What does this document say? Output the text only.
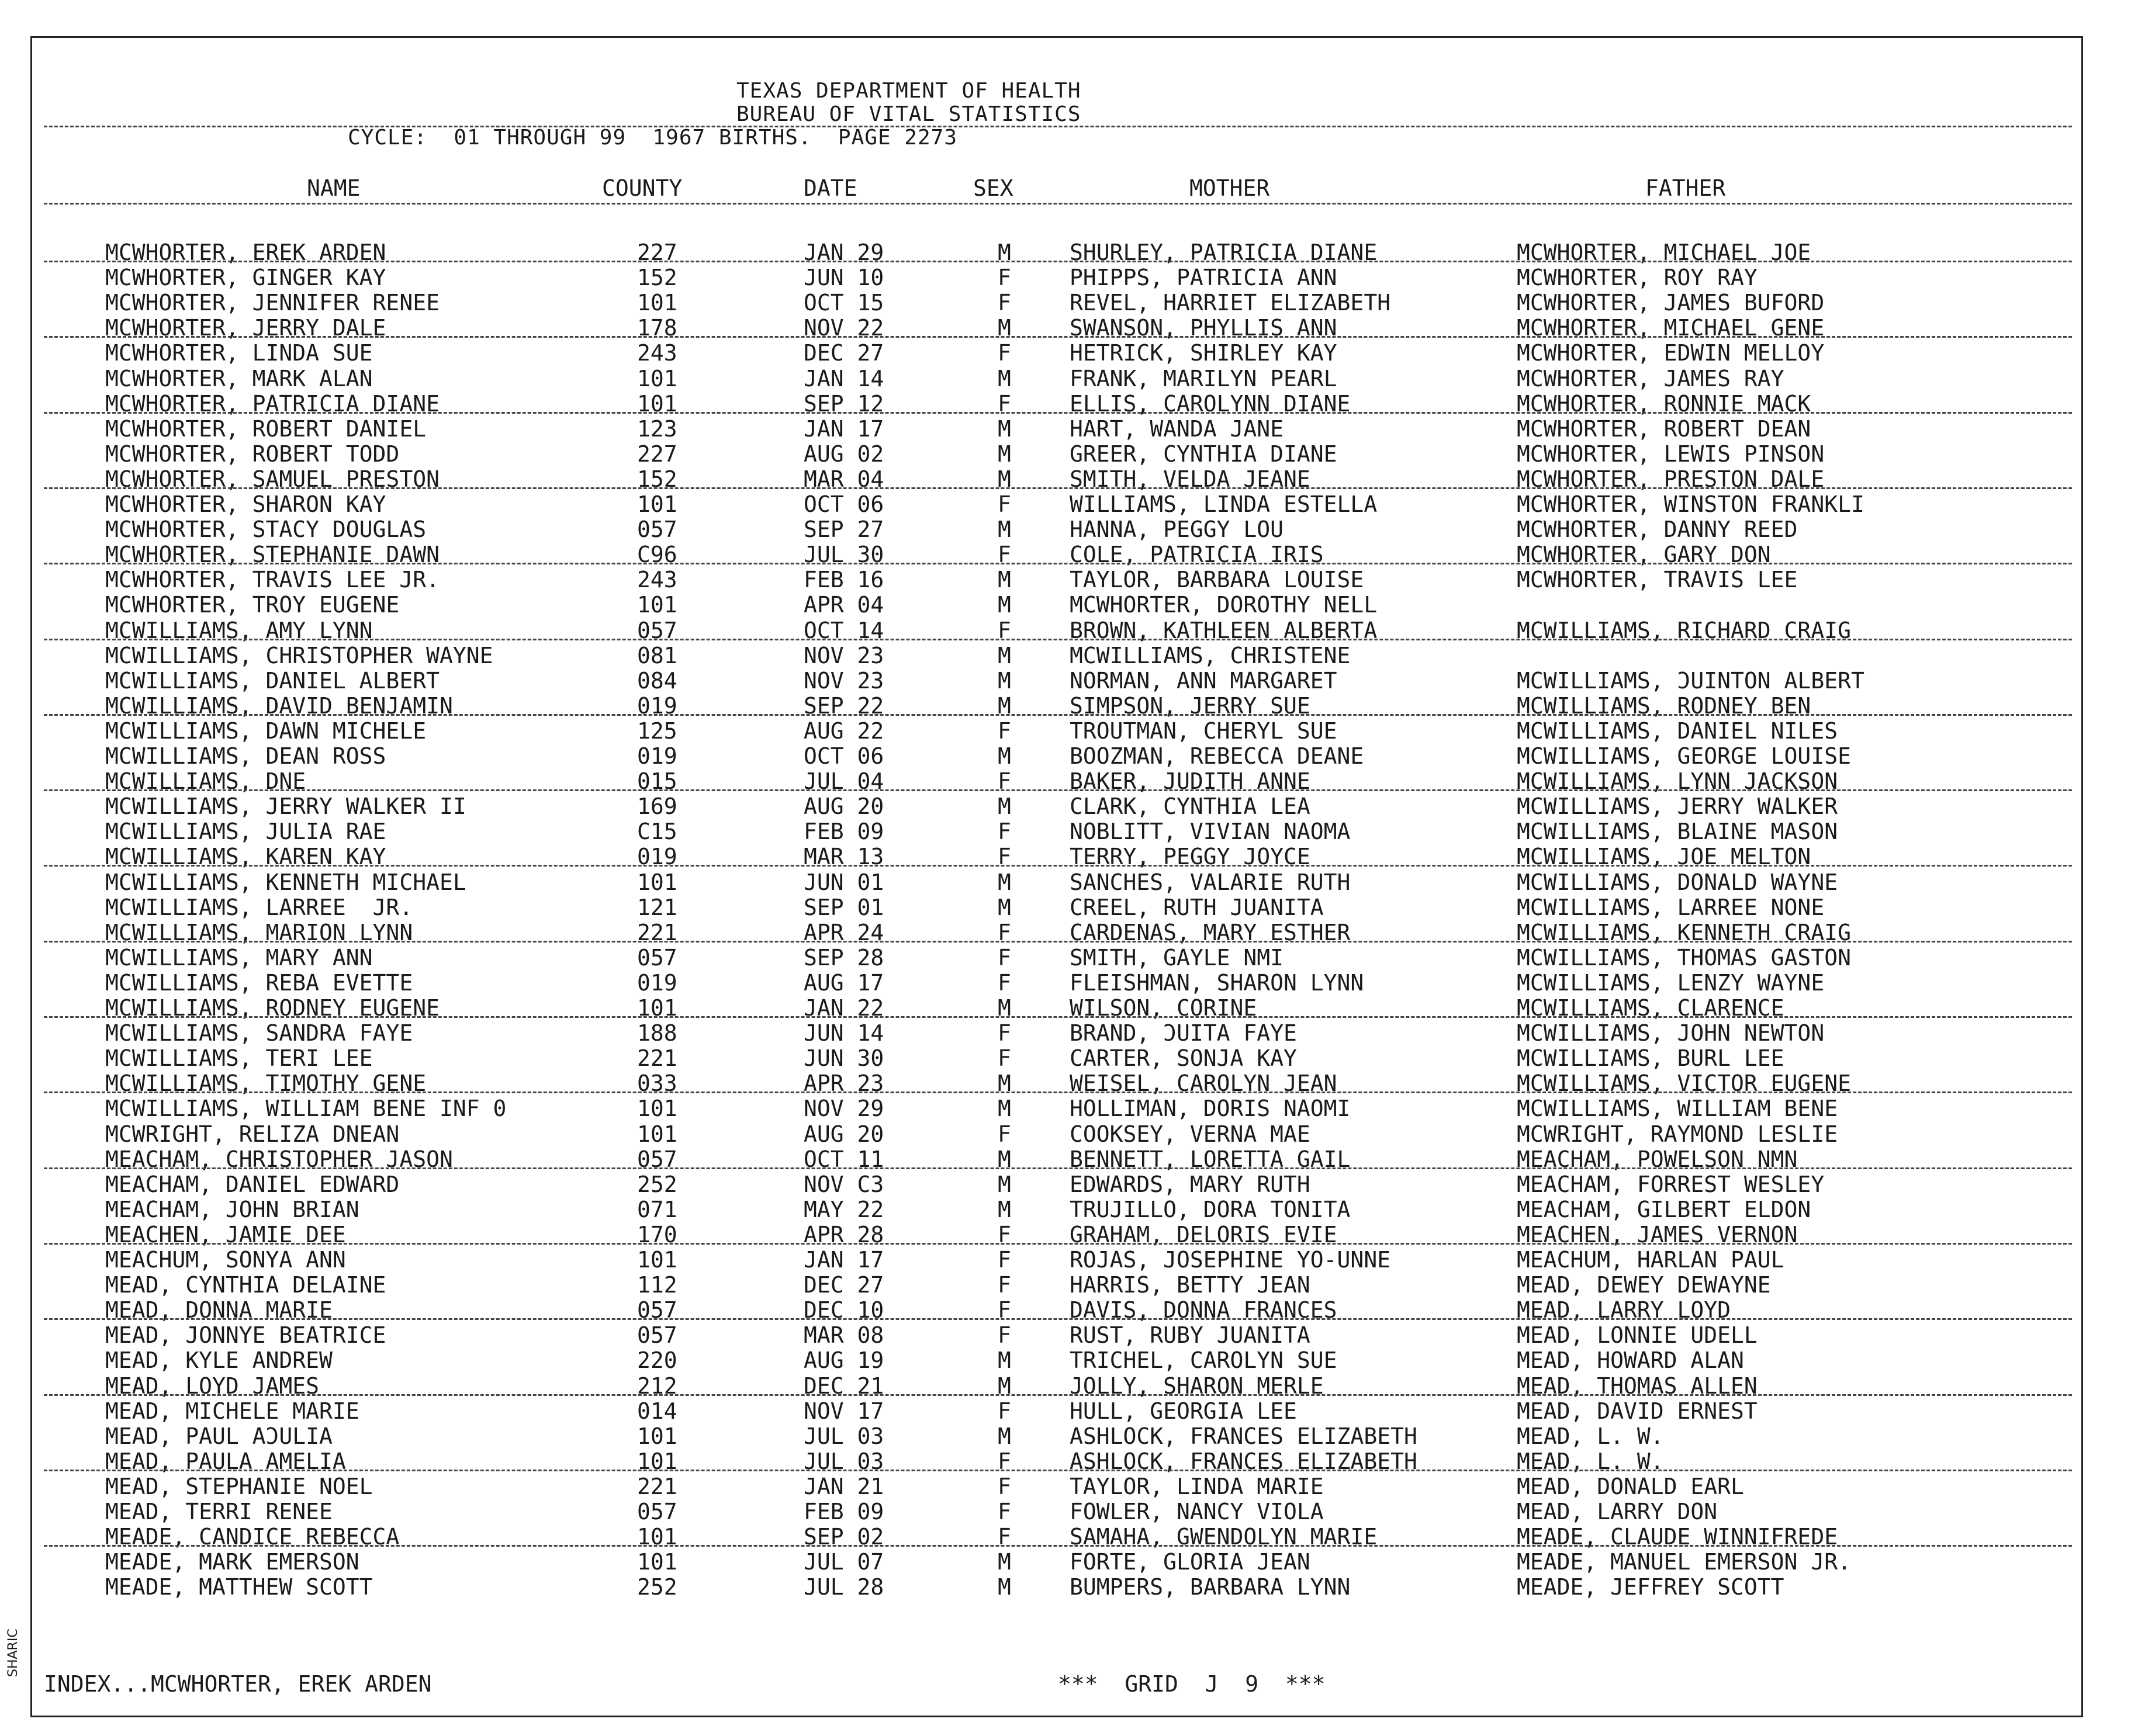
TEXAS DEPARTMENT OF HEALTH
BUREAU OF VITAL STATISTICS
CYCLE:  01 THROUGH 99  1967 BIRTHS.  PAGE 2273
NAME	COUNTY	DATE	SEX	MOTHER	FATHER
MCWHORTER, EREK ARDEN	227	JAN 29	M	SHURLEY, PATRICIA DIANE	MCWHORTER, MICHAEL JOE
MCWHORTER, GINGER KAY	152	JUN 10	F	PHIPPS, PATRICIA ANN	MCWHORTER, ROY RAY
MCWHORTER, JENNIFER RENEE	101	OCT 15	F	REVEL, HARRIET ELIZABETH	MCWHORTER, JAMES BUFORD
MCWHORTER, JERRY DALE	178	NOV 22	M	SWANSON, PHYLLIS ANN	MCWHORTER, MICHAEL GENE
MCWHORTER, LINDA SUE	243	DEC 27	F	HETRICK, SHIRLEY KAY	MCWHORTER, EDWIN MELLOY
MCWHORTER, MARK ALAN	101	JAN 14	M	FRANK, MARILYN PEARL	MCWHORTER, JAMES RAY
MCWHORTER, PATRICIA DIANE	101	SEP 12	F	ELLIS, CAROLYNN DIANE	MCWHORTER, RONNIE MACK
MCWHORTER, ROBERT DANIEL	123	JAN 17	M	HART, WANDA JANE	MCWHORTER, ROBERT DEAN
MCWHORTER, ROBERT TODD	227	AUG 02	M	GREER, CYNTHIA DIANE	MCWHORTER, LEWIS PINSON
MCWHORTER, SAMUEL PRESTON	152	MAR 04	M	SMITH, VELDA JEANE	MCWHORTER, PRESTON DALE
MCWHORTER, SHARON KAY	101	OCT 06	F	WILLIAMS, LINDA ESTELLA	MCWHORTER, WINSTON FRANKLI
MCWHORTER, STACY DOUGLAS	057	SEP 27	M	HANNA, PEGGY LOU	MCWHORTER, DANNY REED
MCWHORTER, STEPHANIE DAWN	C96	JUL 30	F	COLE, PATRICIA IRIS	MCWHORTER, GARY DON
MCWHORTER, TRAVIS LEE JR.	243	FEB 16	M	TAYLOR, BARBARA LOUISE	MCWHORTER, TRAVIS LEE
MCWHORTER, TROY EUGENE	101	APR 04	M	MCWHORTER, DOROTHY NELL
MCWILLIAMS, AMY LYNN	057	OCT 14	F	BROWN, KATHLEEN ALBERTA	MCWILLIAMS, RICHARD CRAIG
MCWILLIAMS, CHRISTOPHER WAYNE	081	NOV 23	M	MCWILLIAMS, CHRISTENE
MCWILLIAMS, DANIEL ALBERT	084	NOV 23	M	NORMAN, ANN MARGARET	MCWILLIAMS, ƆUINTON ALBERT
MCWILLIAMS, DAVID BENJAMIN	019	SEP 22	M	SIMPSON, JERRY SUE	MCWILLIAMS, RODNEY BEN
MCWILLIAMS, DAWN MICHELE	125	AUG 22	F	TROUTMAN, CHERYL SUE	MCWILLIAMS, DANIEL NILES
MCWILLIAMS, DEAN ROSS	019	OCT 06	M	BOOZMAN, REBECCA DEANE	MCWILLIAMS, GEORGE LOUISE
MCWILLIAMS, DNE	015	JUL 04	F	BAKER, JUDITH ANNE	MCWILLIAMS, LYNN JACKSON
MCWILLIAMS, JERRY WALKER II	169	AUG 20	M	CLARK, CYNTHIA LEA	MCWILLIAMS, JERRY WALKER
MCWILLIAMS, JULIA RAE	C15	FEB 09	F	NOBLITT, VIVIAN NAOMA	MCWILLIAMS, BLAINE MASON
MCWILLIAMS, KAREN KAY	019	MAR 13	F	TERRY, PEGGY JOYCE	MCWILLIAMS, JOE MELTON
MCWILLIAMS, KENNETH MICHAEL	101	JUN 01	M	SANCHES, VALARIE RUTH	MCWILLIAMS, DONALD WAYNE
MCWILLIAMS, LARREE  JR.	121	SEP 01	M	CREEL, RUTH JUANITA	MCWILLIAMS, LARREE NONE
MCWILLIAMS, MARION LYNN	221	APR 24	F	CARDENAS, MARY ESTHER	MCWILLIAMS, KENNETH CRAIG
MCWILLIAMS, MARY ANN	057	SEP 28	F	SMITH, GAYLE NMI	MCWILLIAMS, THOMAS GASTON
MCWILLIAMS, REBA EVETTE	019	AUG 17	F	FLEISHMAN, SHARON LYNN	MCWILLIAMS, LENZY WAYNE
MCWILLIAMS, RODNEY EUGENE	101	JAN 22	M	WILSON, CORINE	MCWILLIAMS, CLARENCE
MCWILLIAMS, SANDRA FAYE	188	JUN 14	F	BRAND, ƆUITA FAYE	MCWILLIAMS, JOHN NEWTON
MCWILLIAMS, TERI LEE	221	JUN 30	F	CARTER, SONJA KAY	MCWILLIAMS, BURL LEE
MCWILLIAMS, TIMOTHY GENE	033	APR 23	M	WEISEL, CAROLYN JEAN	MCWILLIAMS, VICTOR EUGENE
MCWILLIAMS, WILLIAM BENE INF 0	101	NOV 29	M	HOLLIMAN, DORIS NAOMI	MCWILLIAMS, WILLIAM BENE
MCWRIGHT, RELIZA DNEAN	101	AUG 20	F	COOKSEY, VERNA MAE	MCWRIGHT, RAYMOND LESLIE
MEACHAM, CHRISTOPHER JASON	057	OCT 11	M	BENNETT, LORETTA GAIL	MEACHAM, POWELSON NMN
MEACHAM, DANIEL EDWARD	252	NOV C3	M	EDWARDS, MARY RUTH	MEACHAM, FORREST WESLEY
MEACHAM, JOHN BRIAN	071	MAY 22	M	TRUJILLO, DORA TONITA	MEACHAM, GILBERT ELDON
MEACHEN, JAMIE DEE	170	APR 28	F	GRAHAM, DELORIS EVIE	MEACHEN, JAMES VERNON
MEACHUM, SONYA ANN	101	JAN 17	F	ROJAS, JOSEPHINE YO-UNNE	MEACHUM, HARLAN PAUL
MEAD, CYNTHIA DELAINE	112	DEC 27	F	HARRIS, BETTY JEAN	MEAD, DEWEY DEWAYNE
MEAD, DONNA MARIE	057	DEC 10	F	DAVIS, DONNA FRANCES	MEAD, LARRY LOYD
MEAD, JONNYE BEATRICE	057	MAR 08	F	RUST, RUBY JUANITA	MEAD, LONNIE UDELL
MEAD, KYLE ANDREW	220	AUG 19	M	TRICHEL, CAROLYN SUE	MEAD, HOWARD ALAN
MEAD, LOYD JAMES	212	DEC 21	M	JOLLY, SHARON MERLE	MEAD, THOMAS ALLEN
MEAD, MICHELE MARIE	014	NOV 17	F	HULL, GEORGIA LEE	MEAD, DAVID ERNEST
MEAD, PAUL AƆULIA	101	JUL 03	M	ASHLOCK, FRANCES ELIZABETH	MEAD, L. W.
MEAD, PAULA AMELIA	101	JUL 03	F	ASHLOCK, FRANCES ELIZABETH	MEAD, L. W.
MEAD, STEPHANIE NOEL	221	JAN 21	F	TAYLOR, LINDA MARIE	MEAD, DONALD EARL
MEAD, TERRI RENEE	057	FEB 09	F	FOWLER, NANCY VIOLA	MEAD, LARRY DON
MEADE, CANDICE REBECCA	101	SEP 02	F	SAMAHA, GWENDOLYN MARIE	MEADE, CLAUDE WINNIFREDE
MEADE, MARK EMERSON	101	JUL 07	M	FORTE, GLORIA JEAN	MEADE, MANUEL EMERSON JR.
MEADE, MATTHEW SCOTT	252	JUL 28	M	BUMPERS, BARBARA LYNN	MEADE, JEFFREY SCOTT
INDEX...MCWHORTER, EREK ARDEN	***  GRID  J  9  ***
SHARIC
